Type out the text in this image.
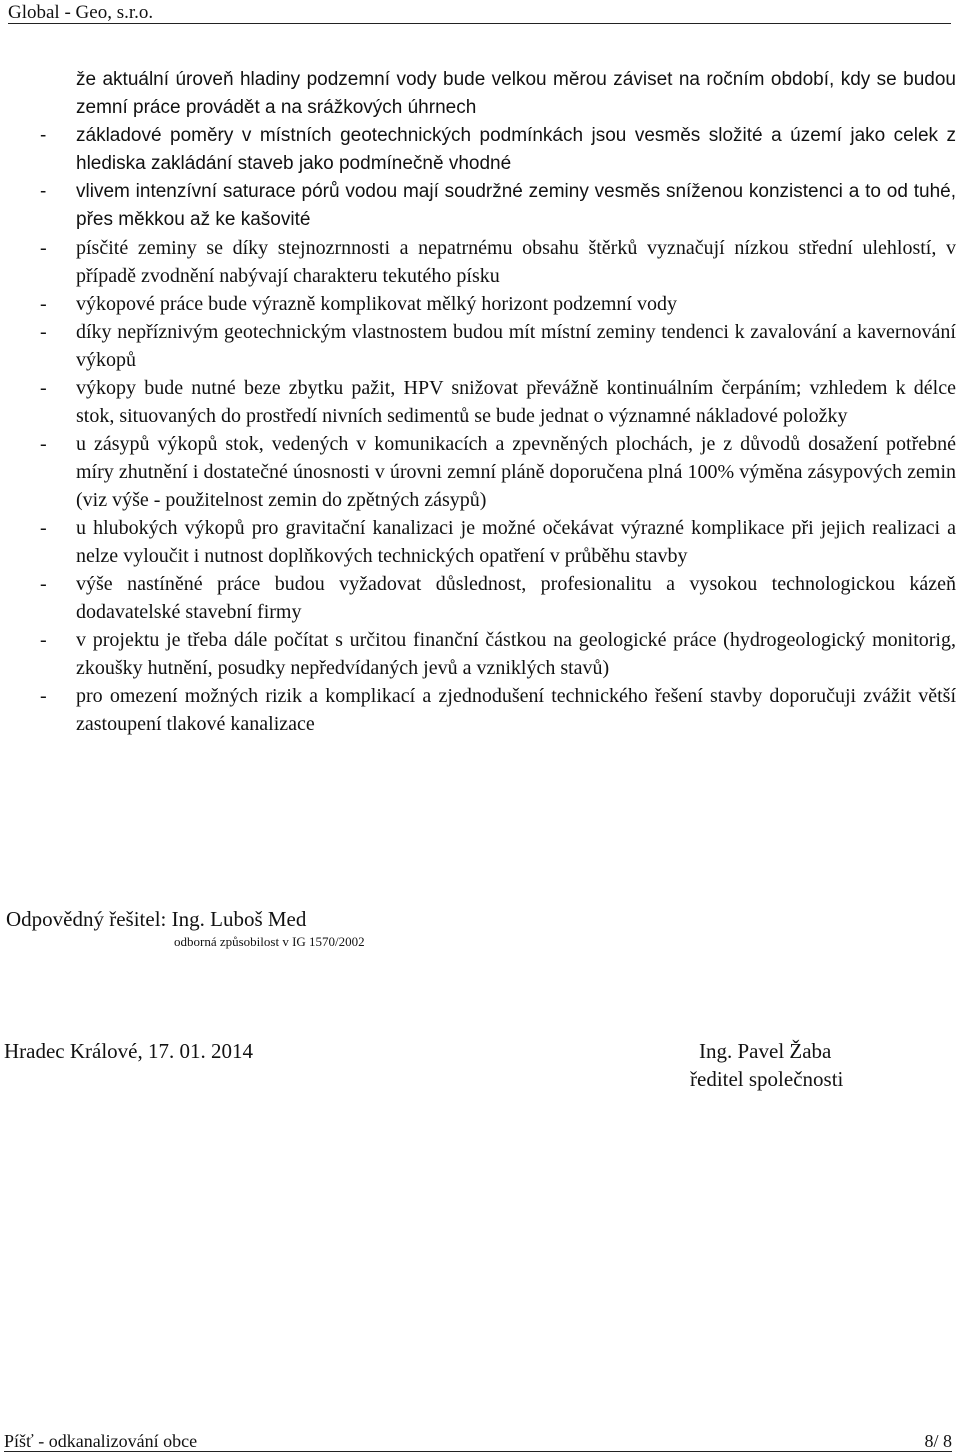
Global - Geo, s.r.o.
že aktuální úroveň hladiny podzemní vody bude velkou měrou záviset na ročním období, kdy se budou zemní práce provádět a na srážkových úhrnech
- základové poměry v místních geotechnických podmínkách jsou vesměs složité a území jako celek z hlediska zakládání staveb jako podmínečně vhodné
- vlivem intenzívní saturace pórů vodou mají soudržné zeminy vesměs sníženou konzistenci a to od tuhé, přes měkkou až ke kašovité
- písčité zeminy se díky stejnozrnnosti a nepatrnému obsahu štěrků vyznačují nízkou střední ulehlostí, v případě zvodnění nabývají charakteru tekutého písku
- výkopové práce bude výrazně komplikovat mělký horizont podzemní vody
- díky nepříznivým geotechnickým vlastnostem budou mít místní zeminy tendenci k zavalování a kavernování výkopů
- výkopy bude nutné beze zbytku pažit, HPV snižovat převážně kontinuálním čerpáním; vzhledem k délce stok, situovaných do prostředí nivních sedimentů se bude jednat o významné nákladové položky
- u zásypů výkopů stok, vedených v komunikacích a zpevněných plochách, je z důvodů dosažení potřebné míry zhutnění i dostatečné únosnosti v úrovni zemní pláně doporučena plná 100% výměna zásypových zemin (viz výše - použitelnost zemin do zpětných zásypů)
- u hlubokých výkopů pro gravitační kanalizaci je možné očekávat výrazné komplikace při jejich realizaci a nelze vyloučit i nutnost doplňkových technických opatření v průběhu stavby
- výše nastíněné práce budou vyžadovat důslednost, profesionalitu a vysokou technologickou kázeň dodavatelské stavební firmy
- v projektu je třeba dále počítat s určitou finanční částkou na geologické práce (hydrogeologický monitorig, zkoušky hutnění, posudky nepředvídaných jevů a vzniklých stavů)
- pro omezení možných rizik a komplikací a zjednodušení technického řešení stavby doporučuji zvážit větší zastoupení tlakové kanalizace
Odpovědný řešitel: Ing. Luboš Med
odborná způsobilost v IG 1570/2002
Hradec Králové, 17. 01. 2014	Ing. Pavel Žaba
ředitel společnosti
Píšť - odkanalizování obce	8/ 8
